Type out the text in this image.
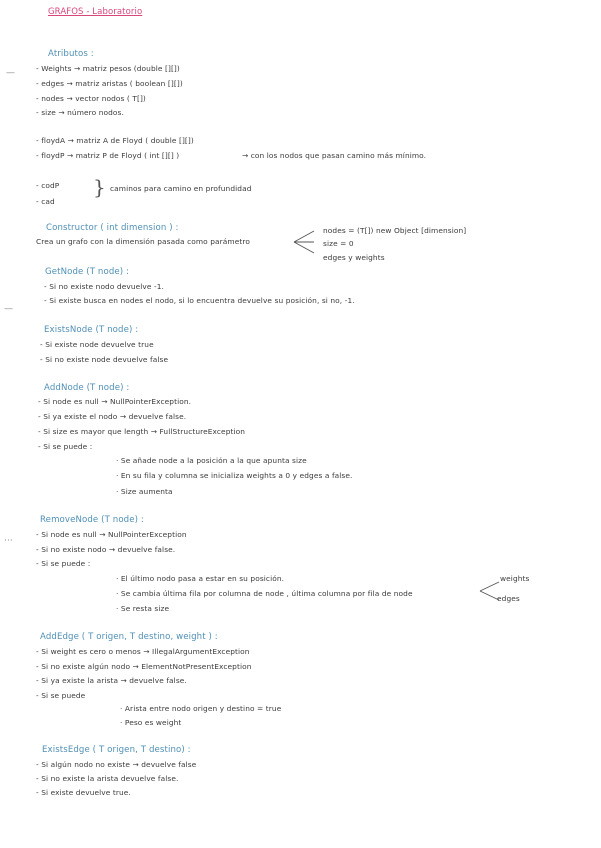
GRAFOS - Laboratorio
—
—
···
Atributos :
- Weights → matriz pesos (double [][])
- edges → matriz aristas ( boolean [][])
- nodes → vector nodos ( T[])
- size → número nodos.
- floydA → matriz A de Floyd ( double [][])
- floydP → matriz P de Floyd ( int [][] )	→ con los nodos que pasan camino más mínimo.
- codP
- cad
} caminos para camino en profundidad
Constructor ( int dimension ) :
Crea un grafo con la dimensión pasada como parámetro
nodes = (T[]) new Object [dimension]
size = 0
edges y weights
GetNode (T node) :
- Si no existe nodo devuelve -1.
- Si existe busca en nodes el nodo, si lo encuentra devuelve su posición, si no, -1.
ExistsNode (T node) :
- Si existe node devuelve true
- Si no existe node devuelve false
AddNode (T node) :
- Si node es null → NullPointerException.
- Si ya existe el nodo → devuelve false.
- Si size es mayor que length → FullStructureException
- Si se puede :
· Se añade node a la posición a la que apunta size
· En su fila y columna se inicializa weights a 0 y edges a false.
· Size aumenta
RemoveNode (T node) :
- Si node es null → NullPointerException
- Si no existe nodo → devuelve false.
- Si se puede :
· El último nodo pasa a estar en su posición.
· Se cambia última fila por columna de node , última columna por fila de node
· Se resta size
weights
edges
AddEdge ( T origen, T destino, weight ) :
- Si weight es cero o menos → IllegalArgumentException
- Si no existe algún nodo → ElementNotPresentException
- Si ya existe la arista → devuelve false.
- Si se puede
· Arista entre nodo origen y destino = true
· Peso es weight
ExistsEdge ( T origen, T destino) :
- Si algún nodo no existe → devuelve false
- Si no existe la arista devuelve false.
- Si existe devuelve true.
